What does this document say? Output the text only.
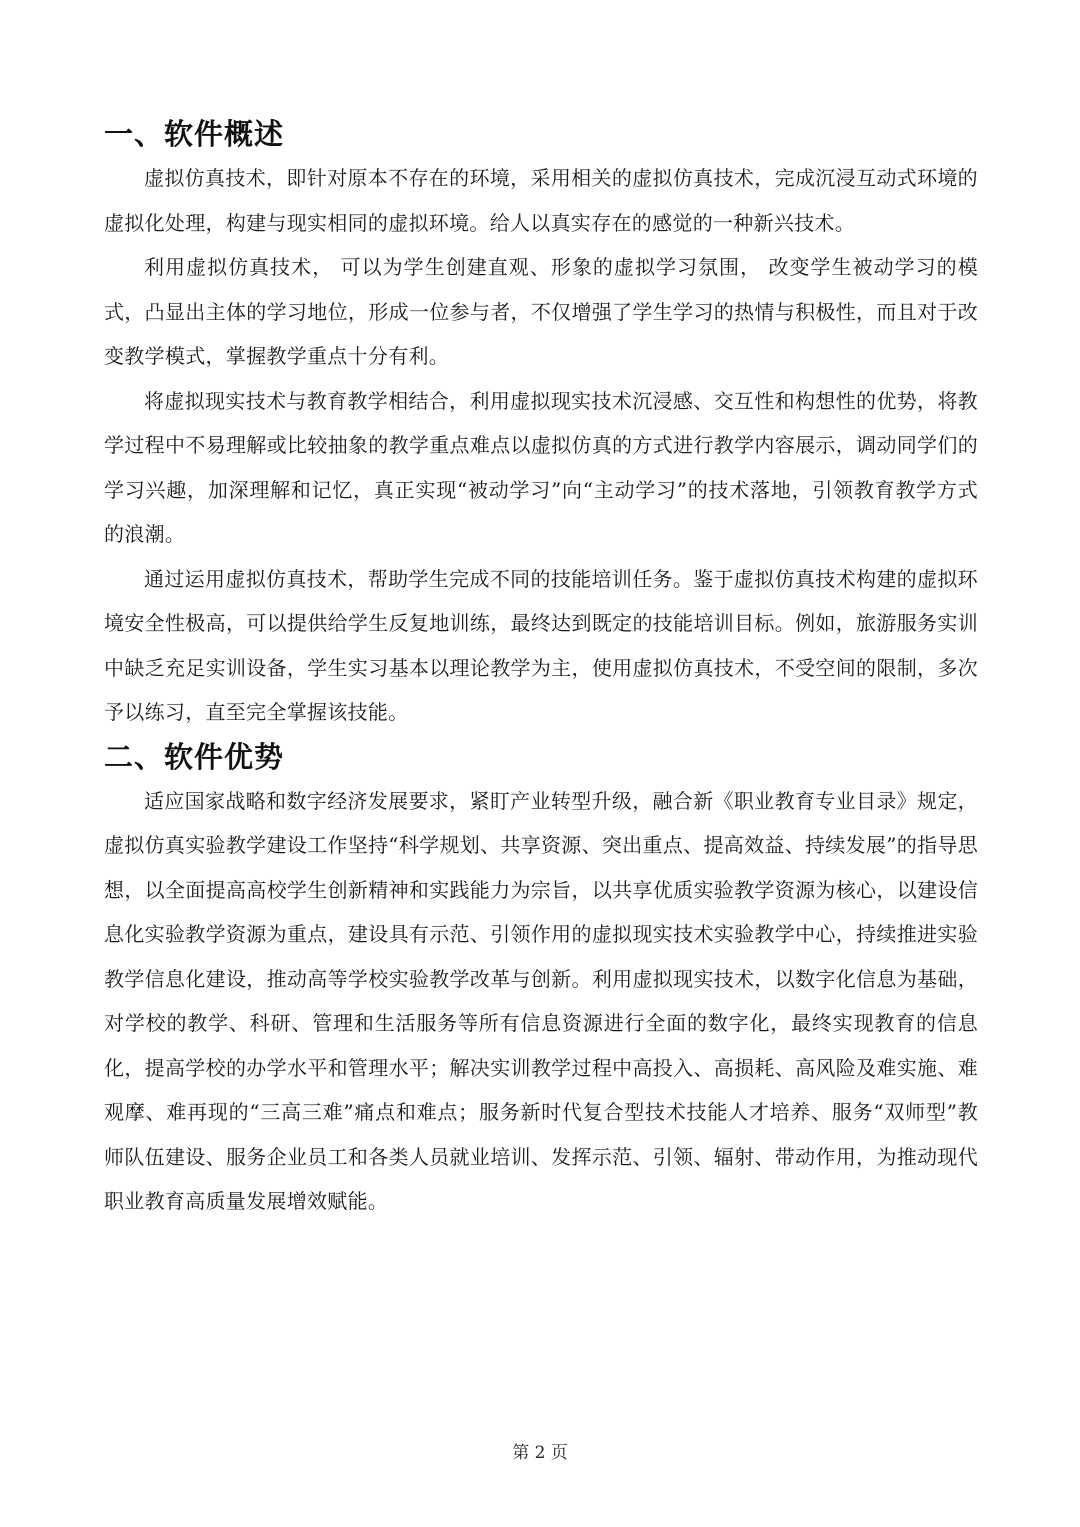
一、软件概述

虚拟仿真技术，即针对原本不存在的环境，采用相关的虚拟仿真技术，完成沉浸互动式环境的虚拟化处理，构建与现实相同的虚拟环境。给人以真实存在的感觉的一种新兴技术。

利用虚拟仿真技术， 可以为学生创建直观、形象的虚拟学习氛围， 改变学生被动学习的模式，凸显出主体的学习地位，形成一位参与者，不仅增强了学生学习的热情与积极性，而且对于改变教学模式，掌握教学重点十分有利。

将虚拟现实技术与教育教学相结合，利用虚拟现实技术沉浸感、交互性和构想性的优势，将教学过程中不易理解或比较抽象的教学重点难点以虚拟仿真的方式进行教学内容展示，调动同学们的学习兴趣，加深理解和记忆，真正实现“被动学习”向“主动学习”的技术落地，引领教育教学方式的浪潮。

通过运用虚拟仿真技术，帮助学生完成不同的技能培训任务。鉴于虚拟仿真技术构建的虚拟环境安全性极高，可以提供给学生反复地训练，最终达到既定的技能培训目标。例如，旅游服务实训中缺乏充足实训设备，学生实习基本以理论教学为主，使用虚拟仿真技术，不受空间的限制，多次予以练习，直至完全掌握该技能。

二、软件优势

适应国家战略和数字经济发展要求，紧盯产业转型升级，融合新《职业教育专业目录》规定，虚拟仿真实验教学建设工作坚持“科学规划、共享资源、突出重点、提高效益、持续发展”的指导思想，以全面提高高校学生创新精神和实践能力为宗旨，以共享优质实验教学资源为核心，以建设信息化实验教学资源为重点，建设具有示范、引领作用的虚拟现实技术实验教学中心，持续推进实验教学信息化建设，推动高等学校实验教学改革与创新。利用虚拟现实技术，以数字化信息为基础，对学校的教学、科研、管理和生活服务等所有信息资源进行全面的数字化，最终实现教育的信息化，提高学校的办学水平和管理水平；解决实训教学过程中高投入、高损耗、高风险及难实施、难观摩、难再现的“三高三难”痛点和难点；服务新时代复合型技术技能人才培养、服务“双师型”教师队伍建设、服务企业员工和各类人员就业培训、发挥示范、引领、辐射、带动作用，为推动现代职业教育高质量发展增效赋能。

第 2 页
